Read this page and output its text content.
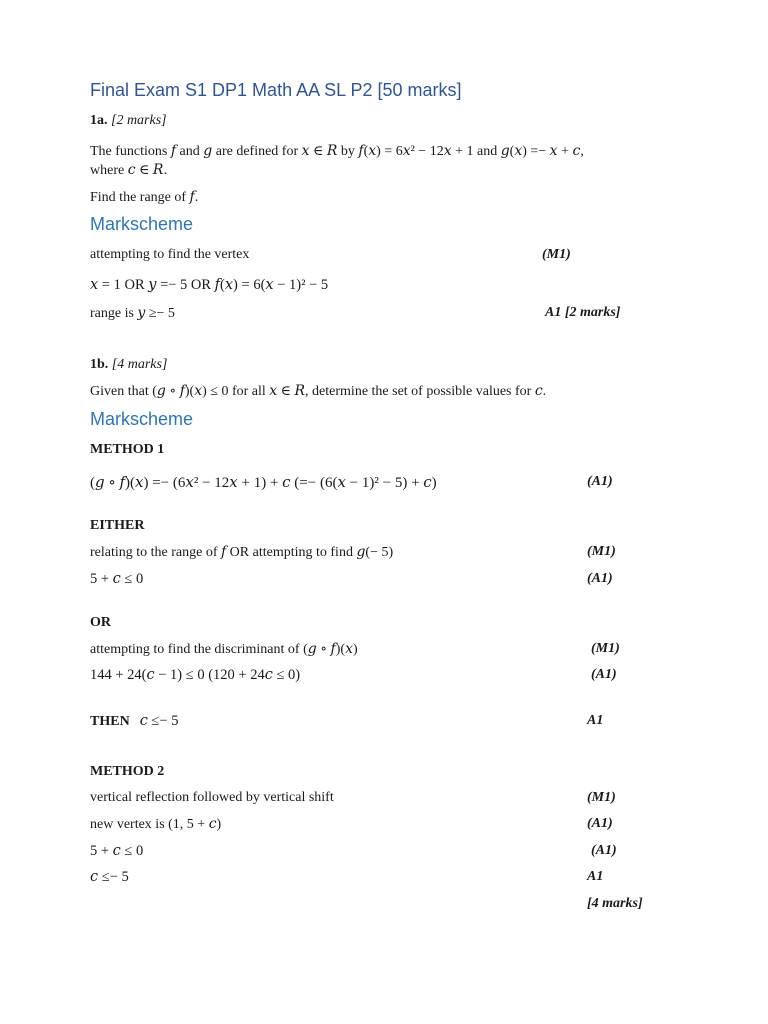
Final Exam S1 DP1 Math AA SL P2 [50 marks]
1a. [2 marks]
The functions 𝑓 and 𝑔 are defined for 𝑥 ∈ 𝑅 by 𝑓(𝑥) = 6𝑥² − 12𝑥 + 1 and 𝑔(𝑥) =− 𝑥 + 𝑐,
where 𝑐 ∈ 𝑅.
Find the range of 𝑓.
Markscheme
attempting to find the vertex	(M1)
𝑥 = 1 OR 𝑦 =− 5 OR 𝑓(𝑥) = 6(𝑥 − 1)² − 5
range is 𝑦 ≥− 5	A1 [2 marks]
1b. [4 marks]
Given that (𝑔 ∘ 𝑓)(𝑥) ≤ 0 for all 𝑥 ∈ 𝑅, determine the set of possible values for 𝑐.
Markscheme
METHOD 1
(𝑔 ∘ 𝑓)(𝑥) =− (6𝑥² − 12𝑥 + 1) + 𝑐 (=− (6(𝑥 − 1)² − 5) + 𝑐)	(A1)
EITHER
relating to the range of 𝑓 OR attempting to find 𝑔(− 5)	(M1)
5 + 𝑐 ≤ 0	(A1)
OR
attempting to find the discriminant of (𝑔 ∘ 𝑓)(𝑥)	(M1)
144 + 24(𝑐 − 1) ≤ 0 (120 + 24𝑐 ≤ 0)	(A1)
THEN 𝑐 ≤− 5	A1
METHOD 2
vertical reflection followed by vertical shift	(M1)
new vertex is (1, 5 + 𝑐)	(A1)
5 + 𝑐 ≤ 0	(A1)
𝑐 ≤− 5	A1
[4 marks]
